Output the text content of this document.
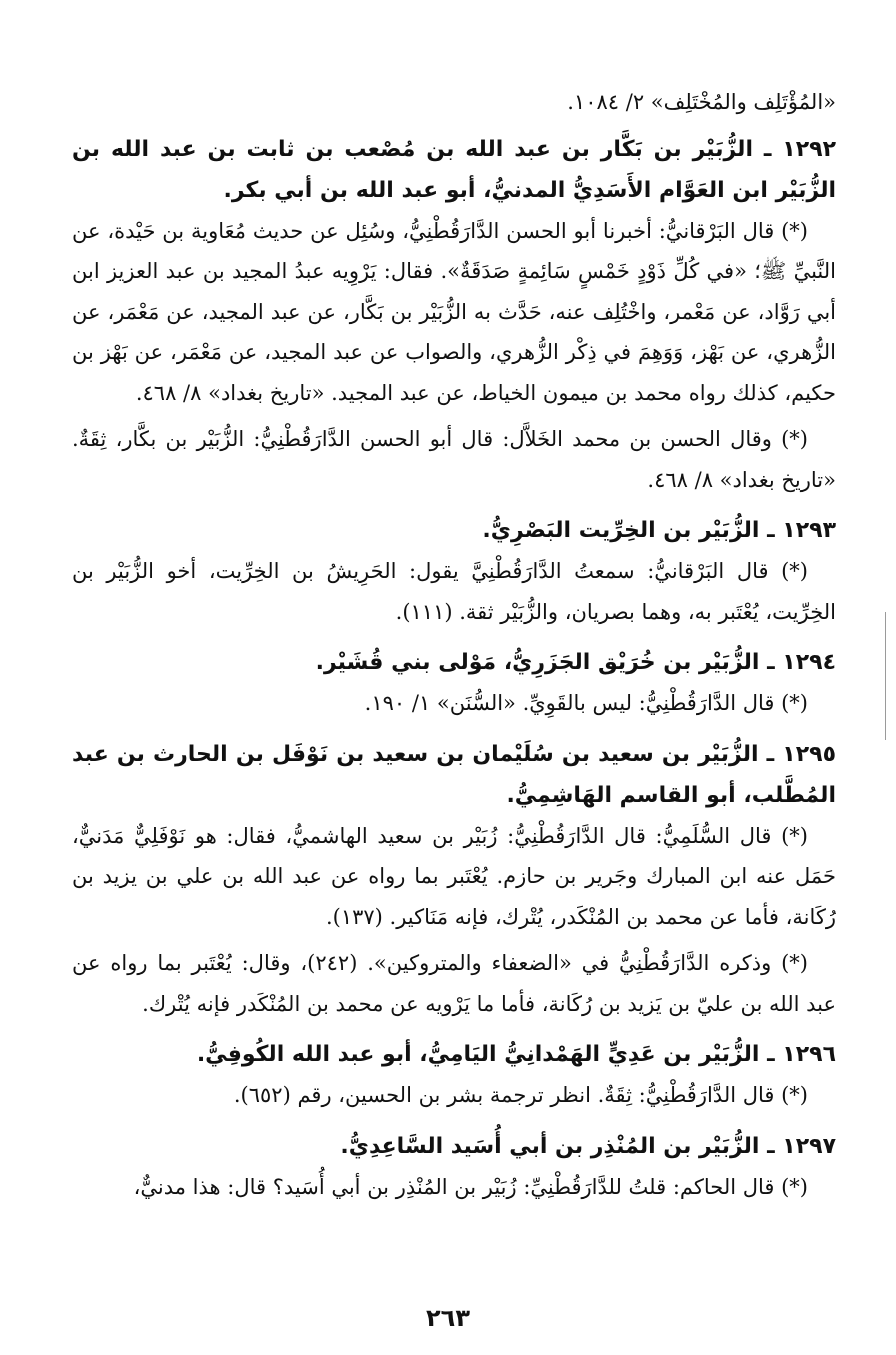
«المُؤْتَلِف والمُخْتَلِف» ٢/ ١٠٨٤.

١٢٩٢ ـ الزُّبَيْر بن بَكَّار بن عبد الله بن مُصْعب بن ثابت بن عبد الله بن الزُّبَيْر ابن العَوَّام الأَسَدِيُّ المدنيُّ، أبو عبد الله بن أبي بكر.

(*) قال البَرْقانيُّ: أخبرنا أبو الحسن الدَّارَقُطْنِيُّ، وسُئِل عن حديث مُعَاوية بن حَيْدة، عن النَّبيِّ ﷺ؛ «في كُلِّ ذَوْدٍ خَمْسٍ سَائِمةٍ صَدَقَةٌ». فقال: يَرْوِيه عبدُ المجيد بن عبد العزيز ابن أبي رَوَّاد، عن مَعْمر، واخْتُلِف عنه، حَدَّث به الزُّبَيْر بن بَكَّار، عن عبد المجيد، عن مَعْمَر، عن الزُّهري، عن بَهْز، وَوَهِمَ في ذِكْر الزُّهري، والصواب عن عبد المجيد، عن مَعْمَر، عن بَهْز بن حكيم، كذلك رواه محمد بن ميمون الخياط، عن عبد المجيد. «تاريخ بغداد» ٨/ ٤٦٨.

(*) وقال الحسن بن محمد الخَلاَّل: قال أبو الحسن الدَّارَقُطْنِيُّ: الزُّبَيْر بن بكَّار، ثِقَةٌ. «تاريخ بغداد» ٨/ ٤٦٨.

١٢٩٣ ـ الزُّبَيْر بن الخِرِّيت البَصْرِيُّ.

(*) قال البَرْقانيُّ: سمعتُ الدَّارَقُطْنِيَّ يقول: الحَرِيشُ بن الخِرِّيت، أخو الزُّبَيْر بن الخِرِّيت، يُعْتَبر به، وهما بصريان، والزُّبَيْر ثقة. (١١١).

١٢٩٤ ـ الزُّبَيْر بن خُرَيْق الجَزَرِيُّ، مَوْلى بني قُشَيْر.

(*) قال الدَّارَقُطْنِيُّ: ليس بالقَوِيِّ. «السُّنَن» ١/ ١٩٠.

١٢٩٥ ـ الزُّبَيْر بن سعيد بن سُلَيْمان بن سعيد بن نَوْفَل بن الحارث بن عبد المُطَّلب، أبو القاسم الهَاشِمِيُّ.

(*) قال السُّلَمِيُّ: قال الدَّارَقُطْنِيُّ: زُبَيْر بن سعيد الهاشميُّ، فقال: هو نَوْفَلِيٌّ مَدَنيٌّ، حَمَل عنه ابن المبارك وجَرير بن حازم. يُعْتَبر بما رواه عن عبد الله بن علي بن يزيد بن رُكَانة، فأما عن محمد بن المُنْكَدر، يُتْرك، فإنه مَنَاكير. (١٣٧).

(*) وذكره الدَّارَقُطْنِيُّ في «الضعفاء والمتروكين». (٢٤٢)، وقال: يُعْتَبر بما رواه عن عبد الله بن عليّ بن يَزيد بن رُكَانة، فأما ما يَرْويه عن محمد بن المُنْكَدر فإنه يُتْرك.

١٢٩٦ ـ الزُّبَيْر بن عَدِيٍّ الهَمْدانِيُّ اليَامِيُّ، أبو عبد الله الكُوفِيُّ.

(*) قال الدَّارَقُطْنِيُّ: ثِقَةٌ. انظر ترجمة بشر بن الحسين، رقم (٦٥٢).

١٢٩٧ ـ الزُّبَيْر بن المُنْذِر بن أبي أُسَيد السَّاعِدِيُّ.

(*) قال الحاكم: قلتُ للدَّارَقُطْنِيِّ: زُبَيْر بن المُنْذِر بن أبي أُسَيد؟ قال: هذا مدنيٌّ،

٢٦٣
